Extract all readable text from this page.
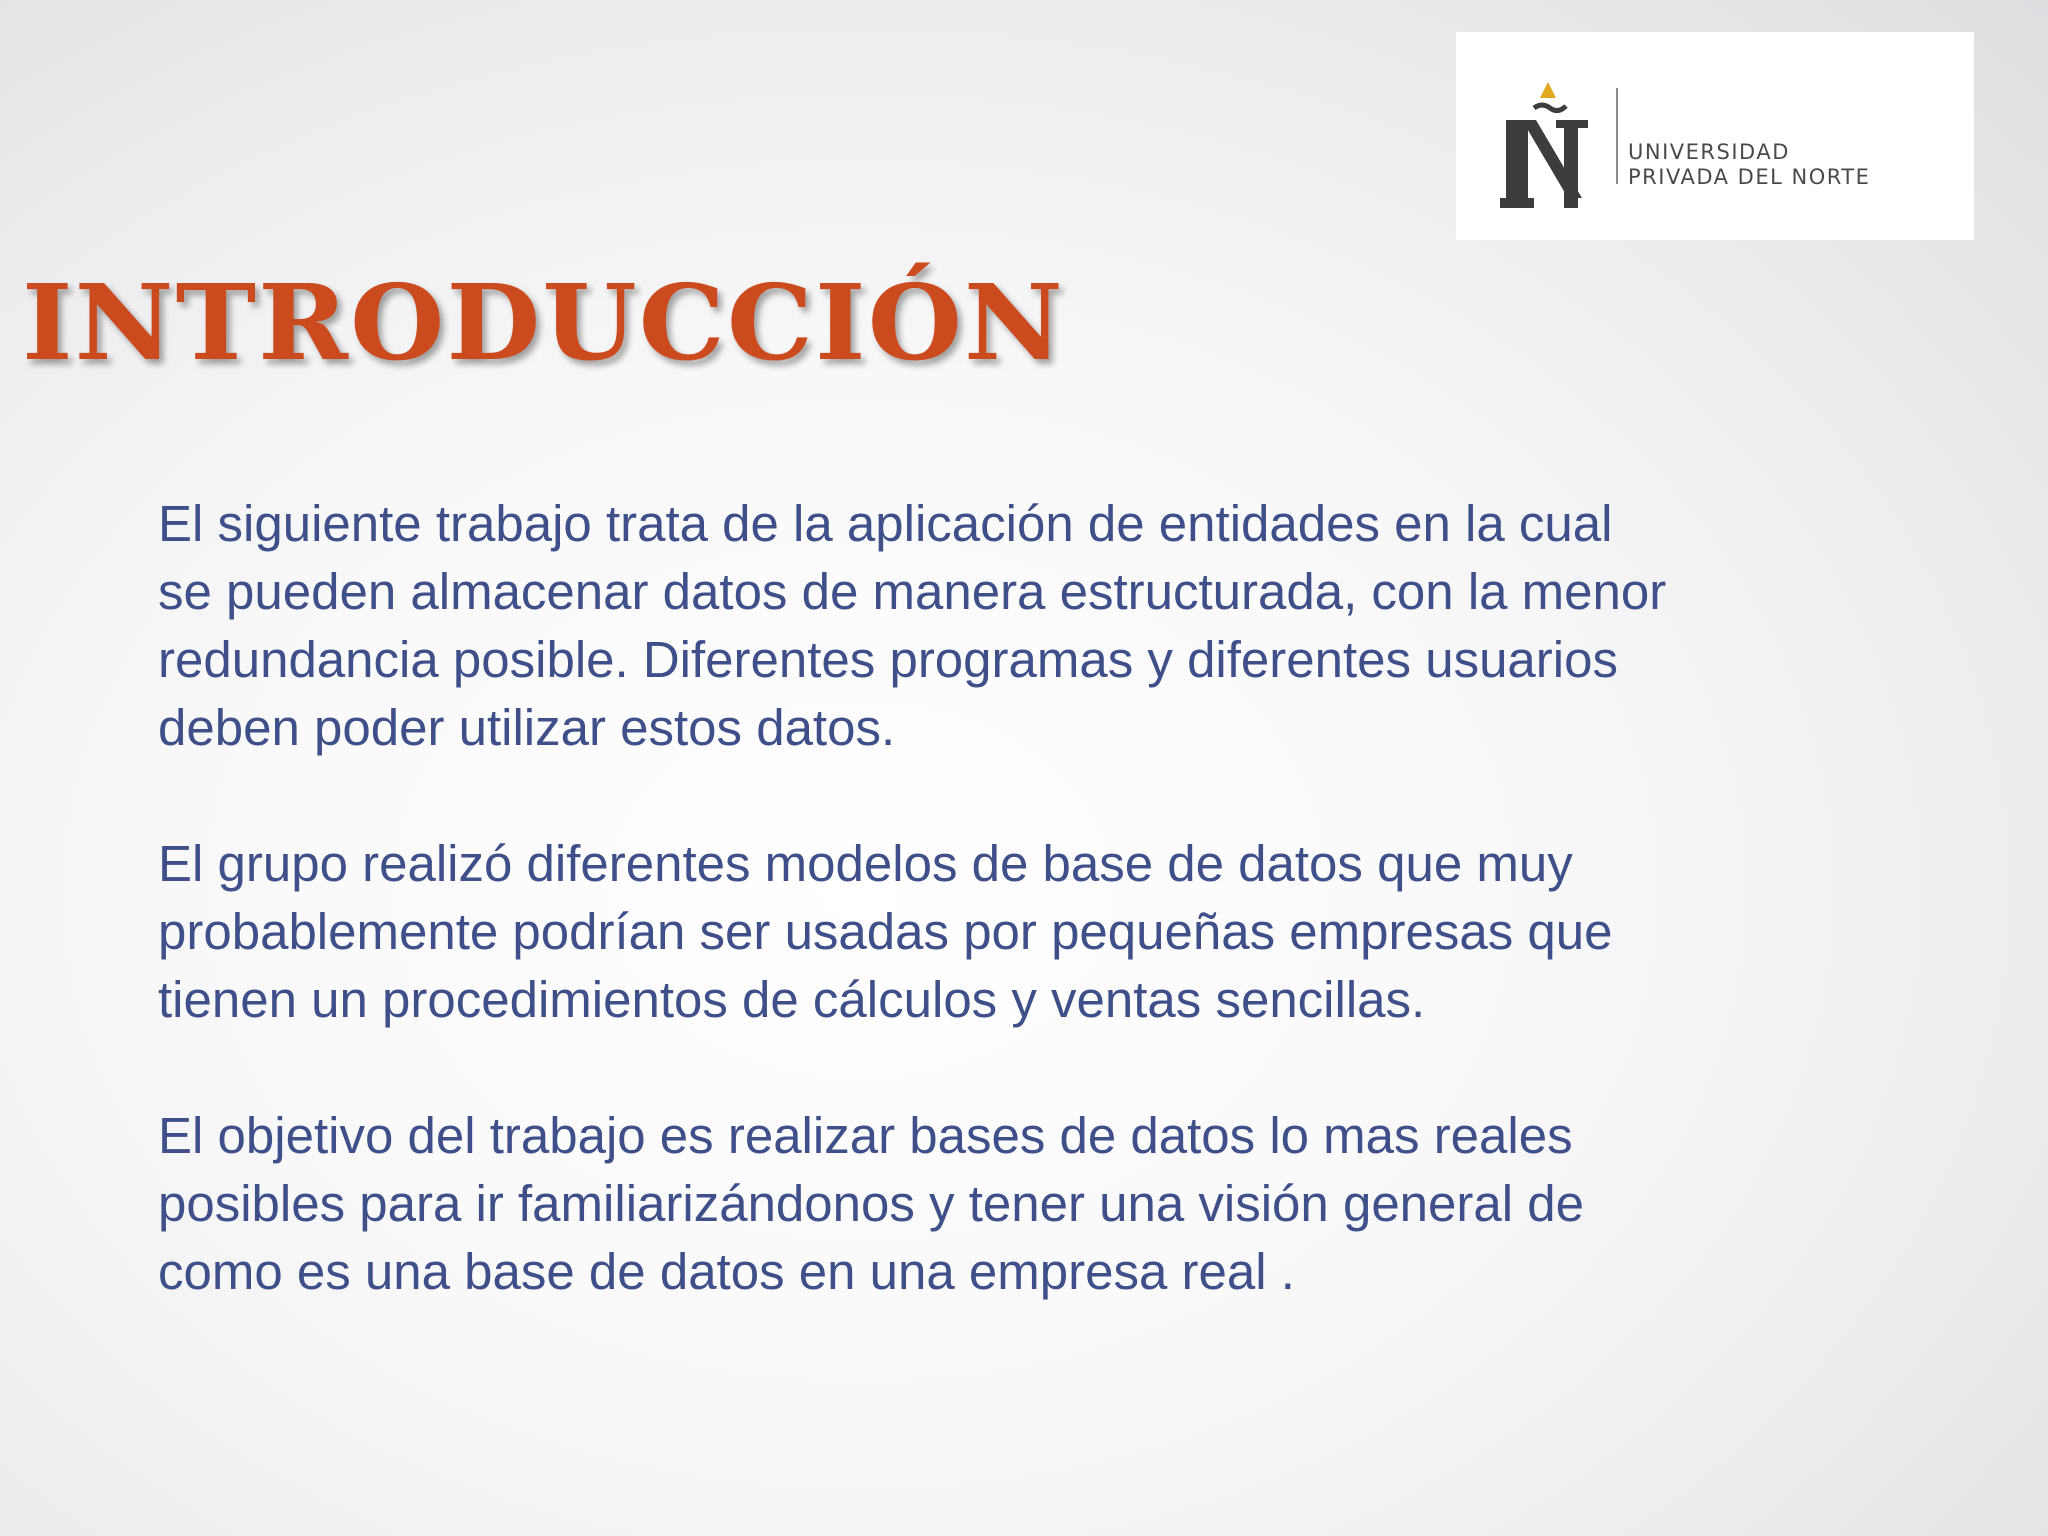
UNIVERSIDAD
PRIVADA DEL NORTE
INTRODUCCIÓN

El siguiente trabajo trata de la aplicación de entidades en la cual
se pueden almacenar datos de manera estructurada, con la menor
redundancia posible. Diferentes programas y diferentes usuarios
deben poder utilizar estos datos.

El grupo realizó diferentes modelos de base de datos que muy
probablemente podrían ser usadas por pequeñas empresas que
tienen un procedimientos de cálculos y ventas sencillas.

El objetivo del trabajo es realizar bases de datos lo mas reales
posibles para ir familiarizándonos y tener una visión general de
como es una base de datos en una empresa real .
